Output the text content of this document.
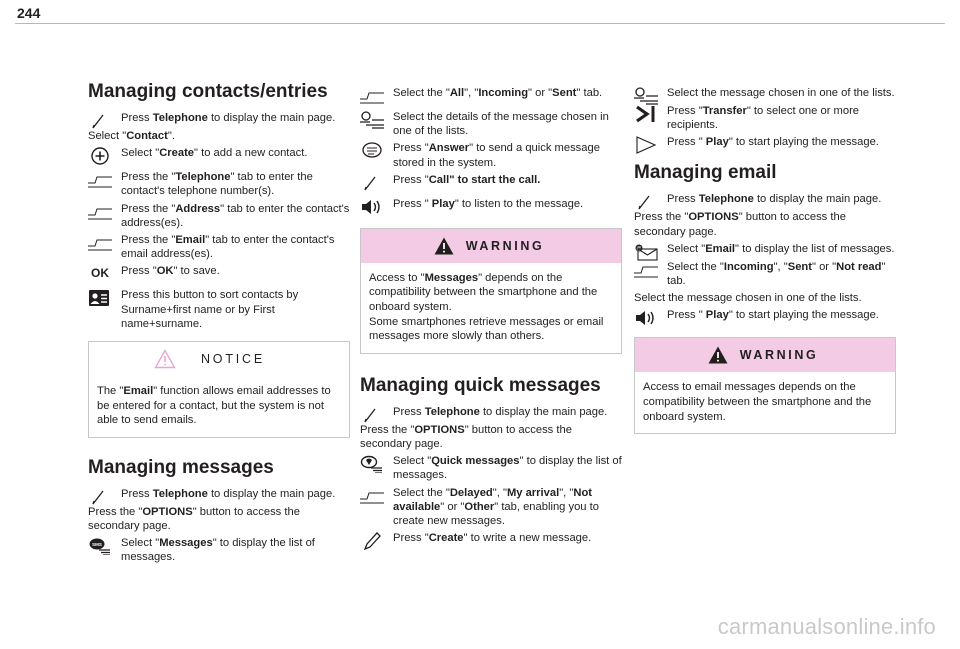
244
Managing contacts/entries
Press Telephone to display the main page.

Select "Contact".

Select "Create" to add a new contact.
Press the "Telephone" tab to enter the contact's telephone number(s).
Press the "Address" tab to enter the contact's address(es).
Press the "Email" tab to enter the contact's email address(es).
OK	Press "OK" to save.
Press this button to sort contacts by Surname+first name or by First name+surname.
NOTICE

The "Email" function allows email addresses to be entered for a contact, but the system is not able to send emails.

Managing messages
Press Telephone to display the main page.

Press the "OPTIONS" button to access the secondary page.

SMS Select "Messages" to display the list of messages.
Select the "All", "Incoming" or "Sent" tab.
Select the details of the message chosen in one of the lists.
Press "Answer" to send a quick message stored in the system.
Press "Call" to start the call.
Press " Play" to listen to the message.
WARNING

Access to "Messages" depends on the compatibility between the smartphone and the onboard system.

Some smartphones retrieve messages or email messages more slowly than others.

Managing quick messages
Press Telephone to display the main page.

Press the "OPTIONS" button to access the secondary page.

Select "Quick messages" to display the list of messages.
Select the "Delayed", "My arrival", "Not available" or "Other" tab, enabling you to create new messages.
Press "Create" to write a new message.
Select the message chosen in one of the lists.
Press "Transfer" to select one or more recipients.
Press " Play" to start playing the message.
Managing email
Press Telephone to display the main page.

Press the "OPTIONS" button to access the secondary page.

@ Select "Email" to display the list of messages.
Select the "Incoming", "Sent" or "Not read" tab.

Select the message chosen in one of the lists.

Press " Play" to start playing the message.
WARNING

Access to email messages depends on the compatibility between the smartphone and the onboard system.

carmanualsonline.info
